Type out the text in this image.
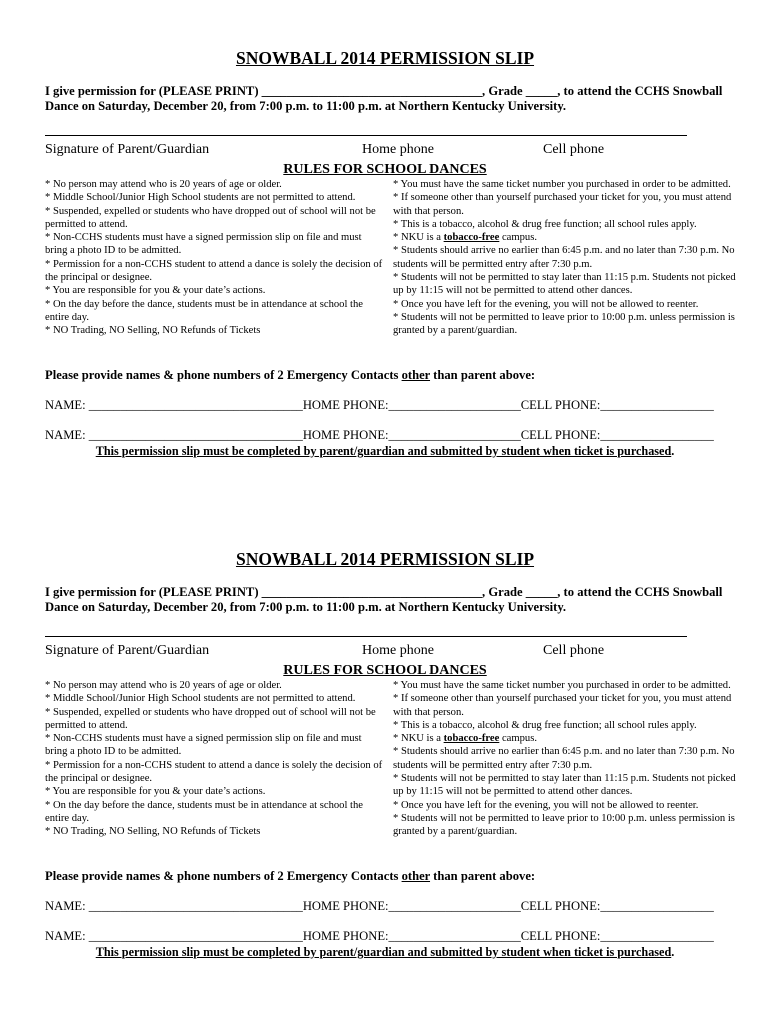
SNOWBALL 2014 PERMISSION SLIP

I give permission for (PLEASE PRINT) ___________________________________, Grade _____, to attend the CCHS Snowball
Dance on Saturday, December 20, from 7:00 p.m. to 11:00 p.m. at Northern Kentucky University.

Signature of Parent/Guardian	Home phone	Cell phone
RULES FOR SCHOOL DANCES
* No person may attend who is 20 years of age or older.
* Middle School/Junior High School students are not permitted to attend.
* Suspended, expelled or students who have dropped out of school will not be permitted to attend.
* Non-CCHS students must have a signed permission slip on file and must bring a photo ID to be admitted.
* Permission for a non-CCHS student to attend a dance is solely the decision of the principal or designee.
* You are responsible for you & your date’s actions.
* On the day before the dance, students must be in attendance at school the entire day.
* NO Trading, NO Selling, NO Refunds of Tickets
* You must have the same ticket number you purchased in order to be admitted.
* If someone other than yourself purchased your ticket for you, you must attend with that person.
* This is a tobacco, alcohol & drug free function; all school rules apply.
* NKU is a tobacco-free campus.
* Students should arrive no earlier than 6:45 p.m. and no later than 7:30 p.m. No students will be permitted entry after 7:30 p.m.
* Students will not be permitted to stay later than 11:15 p.m. Students not picked up by 11:15 will not be permitted to attend other dances.
* Once you have left for the evening, you will not be allowed to reenter.
* Students will not be permitted to leave prior to 10:00 p.m. unless permission is granted by a parent/guardian.

Please provide names & phone numbers of 2 Emergency Contacts other than parent above:

NAME: __________________________________HOME PHONE:_____________________CELL PHONE:__________________
NAME: __________________________________HOME PHONE:_____________________CELL PHONE:__________________

This permission slip must be completed by parent/guardian and submitted by student when ticket is purchased.

SNOWBALL 2014 PERMISSION SLIP

I give permission for (PLEASE PRINT) ___________________________________, Grade _____, to attend the CCHS Snowball
Dance on Saturday, December 20, from 7:00 p.m. to 11:00 p.m. at Northern Kentucky University.

Signature of Parent/Guardian	Home phone	Cell phone
RULES FOR SCHOOL DANCES
* No person may attend who is 20 years of age or older.
* Middle School/Junior High School students are not permitted to attend.
* Suspended, expelled or students who have dropped out of school will not be permitted to attend.
* Non-CCHS students must have a signed permission slip on file and must bring a photo ID to be admitted.
* Permission for a non-CCHS student to attend a dance is solely the decision of the principal or designee.
* You are responsible for you & your date’s actions.
* On the day before the dance, students must be in attendance at school the entire day.
* NO Trading, NO Selling, NO Refunds of Tickets
* You must have the same ticket number you purchased in order to be admitted.
* If someone other than yourself purchased your ticket for you, you must attend with that person.
* This is a tobacco, alcohol & drug free function; all school rules apply.
* NKU is a tobacco-free campus.
* Students should arrive no earlier than 6:45 p.m. and no later than 7:30 p.m. No students will be permitted entry after 7:30 p.m.
* Students will not be permitted to stay later than 11:15 p.m. Students not picked up by 11:15 will not be permitted to attend other dances.
* Once you have left for the evening, you will not be allowed to reenter.
* Students will not be permitted to leave prior to 10:00 p.m. unless permission is granted by a parent/guardian.

Please provide names & phone numbers of 2 Emergency Contacts other than parent above:

NAME: __________________________________HOME PHONE:_____________________CELL PHONE:__________________
NAME: __________________________________HOME PHONE:_____________________CELL PHONE:__________________

This permission slip must be completed by parent/guardian and submitted by student when ticket is purchased.
